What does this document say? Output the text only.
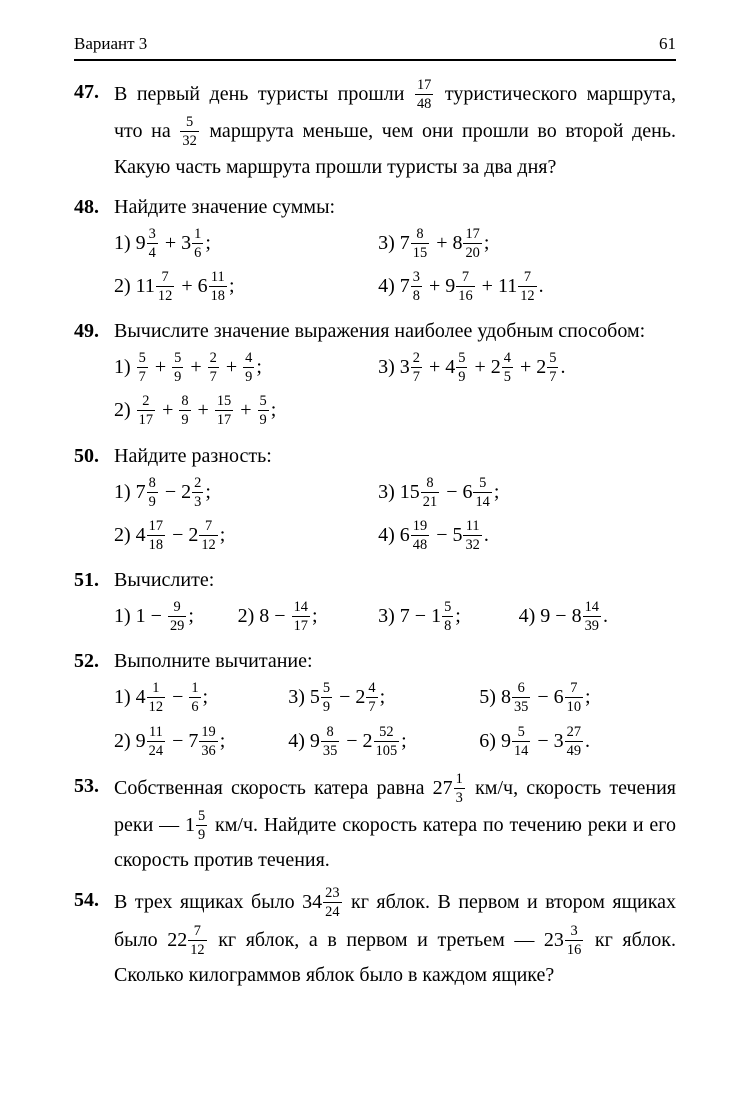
Вариант 3	61
47. В первый день туристы прошли $\frac{17}{48}$ туристического маршрута, что на $\frac{5}{32}$ маршрута меньше, чем они прошли во второй день. Какую часть маршрута прошли туристы за два дня?

48. Найдите значение суммы:

1) $9 \frac{3}{4} + 3 \frac{1}{6}$ ;	3) $7 \frac{8}{15} + 8 \frac{17}{20}$ ;
2) $11 \frac{7}{12} + 6 \frac{11}{18}$ ;	4) $7 \frac{3}{8} + 9 \frac{7}{16} + 11 \frac{7}{12}$ .
49. Вычислите значение выражения наиболее удобным способом:

$1) \frac{5}{7} + \frac{5}{9} + \frac{2}{7} + \frac{4}{9}$ ;	3) $3 \frac{2}{7} + 4 \frac{5}{9} + 2 \frac{4}{5} + 2 \frac{5}{7}$ .
$2) \frac{2}{17} + \frac{8}{9} + \frac{15}{17} + \frac{5}{9}$ ;
50. Найдите разность:

1) $7 \frac{8}{9} - 2 \frac{2}{3}$ ;	3) $15 \frac{8}{21} - 6 \frac{5}{14}$ ;
2) $4 \frac{17}{18} - 2 \frac{7}{12}$ ;	4) $6 \frac{19}{48} - 5 \frac{11}{32}$ .
51. Вычислите:

1) $1 - \frac{9}{29}$ ;	2) $8 - \frac{14}{17}$ ;	3) $7 - 1 \frac{5}{8}$ ;	4) $9 - 8 \frac{14}{39}$ .
52. Выполните вычитание:

1) $4 \frac{1}{12} - \frac{1}{6}$ ;	3) $5 \frac{5}{9} - 2 \frac{4}{7}$ ;	5) $8 \frac{6}{35} - 6 \frac{7}{10}$ ;
2) $9 \frac{11}{24} - 7 \frac{19}{36}$ ;	4) $9 \frac{8}{35} - 2 \frac{52}{105}$ ;	6) $9 \frac{5}{14} - 3 \frac{27}{49}$ .
53. Собственная скорость катера равна $27 \frac{1}{3} км/ч$, скорость течения реки — $1 \frac{5}{9} км/ч$. Найдите скорость катера по течению реки и его скорость против течения.

54. В трех ящиках было $34 \frac{23}{24}$ кг яблок. В первом и втором ящиках было $22 \frac{7}{12}$ кг яблок, а в первом и третьем — $23 \frac{3}{16}$ кг яблок. Сколько килограммов яблок было в каждом ящике?
